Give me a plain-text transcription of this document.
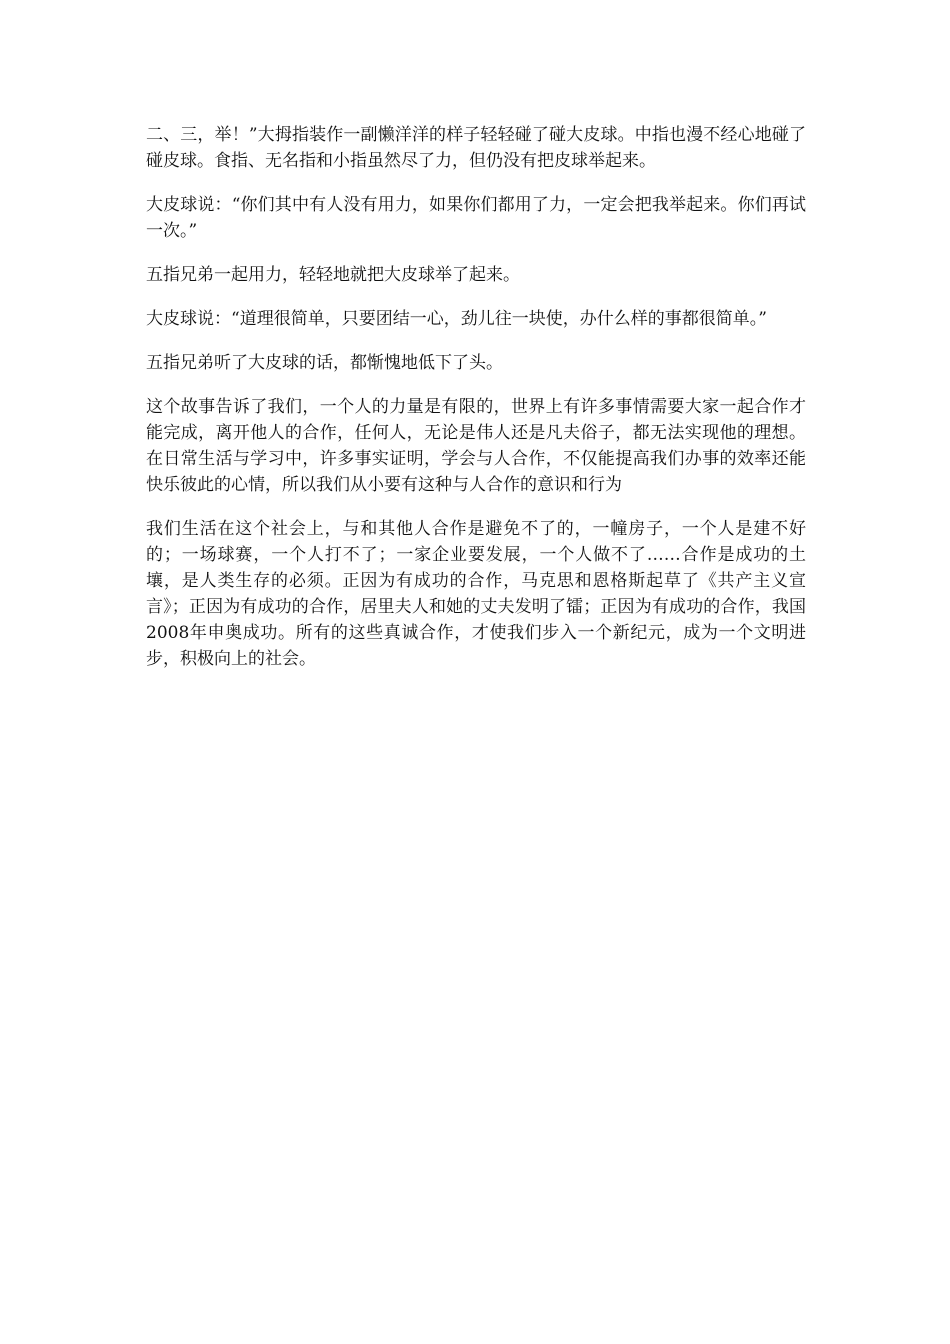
二、三，举！”大拇指装作一副懒洋洋的样子轻轻碰了碰大皮球。中指也漫不经心地碰了碰皮球。食指、无名指和小指虽然尽了力，但仍没有把皮球举起来。

大皮球说：“你们其中有人没有用力，如果你们都用了力，一定会把我举起来。你们再试一次。”

五指兄弟一起用力，轻轻地就把大皮球举了起来。

大皮球说：“道理很简单，只要团结一心，劲儿往一块使，办什么样的事都很简单。”

五指兄弟听了大皮球的话，都惭愧地低下了头。

这个故事告诉了我们，一个人的力量是有限的，世界上有许多事情需要大家一起合作才能完成，离开他人的合作，任何人，无论是伟人还是凡夫俗子，都无法实现他的理想。在日常生活与学习中，许多事实证明，学会与人合作，不仅能提高我们办事的效率还能快乐彼此的心情，所以我们从小要有这种与人合作的意识和行为

我们生活在这个社会上，与和其他人合作是避免不了的，一幢房子，一个人是建不好的；一场球赛，一个人打不了；一家企业要发展，一个人做不了……合作是成功的土壤，是人类生存的必须。正因为有成功的合作，马克思和恩格斯起草了《共产主义宣言》；正因为有成功的合作，居里夫人和她的丈夫发明了镭；正因为有成功的合作，我国2008年申奥成功。所有的这些真诚合作，才使我们步入一个新纪元，成为一个文明进步，积极向上的社会。
